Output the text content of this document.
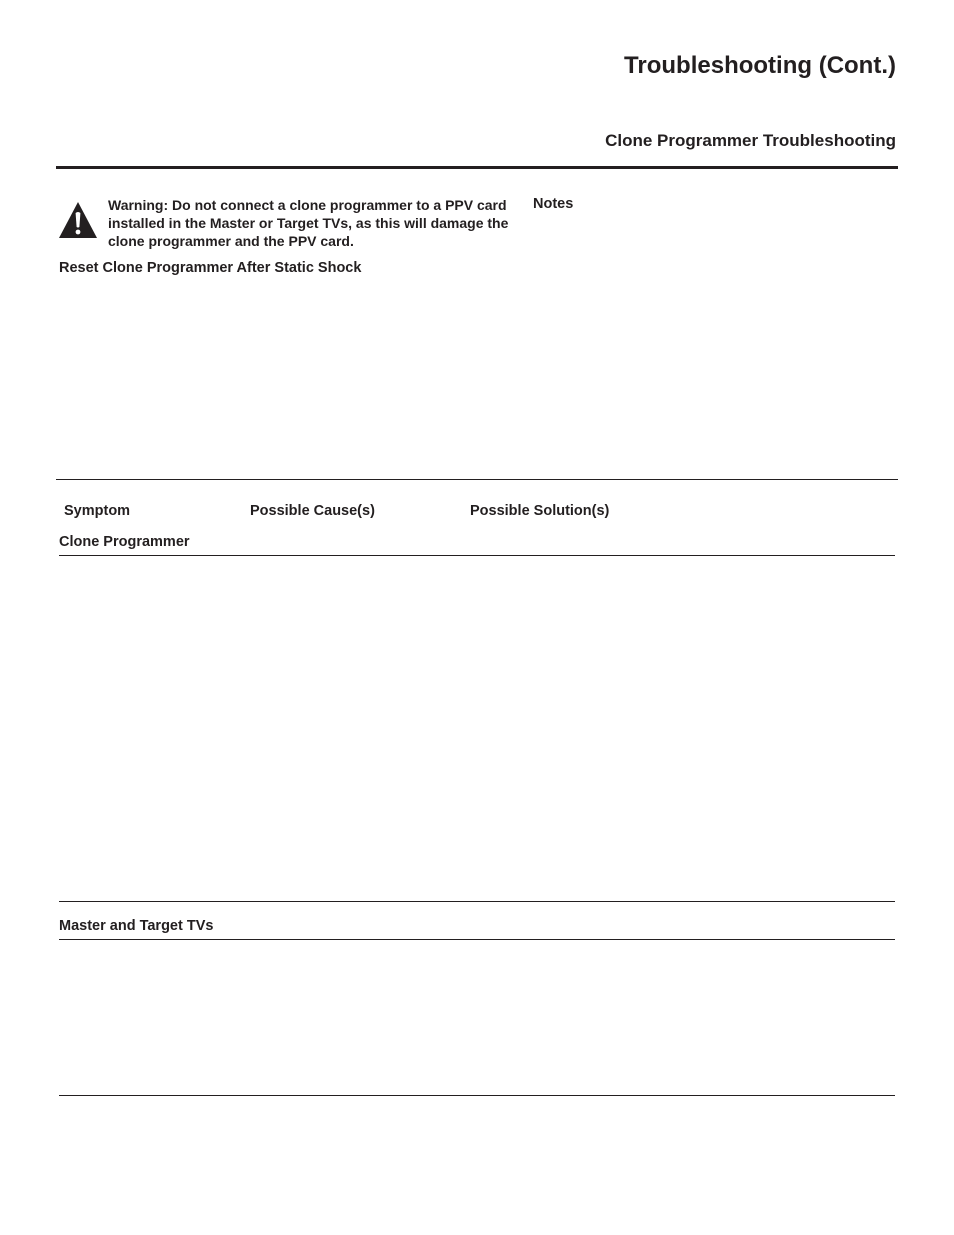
Troubleshooting (Cont.)
Clone Programmer Troubleshooting
Warning: Do not connect a clone programmer to a PPV card installed in the Master or Target TVs, as this will damage the clone programmer and the PPV card.
Notes
Reset Clone Programmer After Static Shock
Symptom	Possible Cause(s)	Possible Solution(s)
Clone Programmer
Master and Target TVs
